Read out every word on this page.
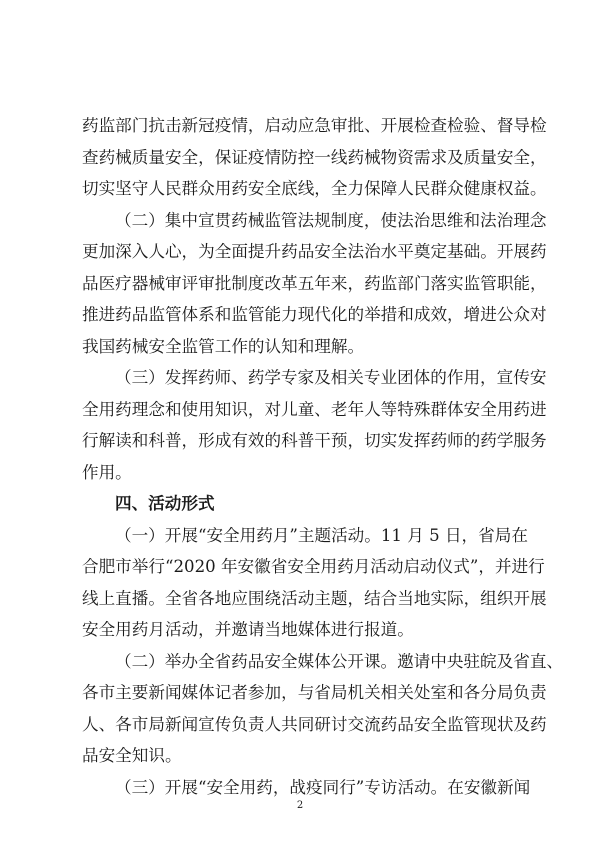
药监部门抗击新冠疫情，启动应急审批、开展检查检验、督导检
查药械质量安全，保证疫情防控一线药械物资需求及质量安全，
切实坚守人民群众用药安全底线，全力保障人民群众健康权益。
（二）集中宣贯药械监管法规制度，使法治思维和法治理念
更加深入人心，为全面提升药品安全法治水平奠定基础。开展药
品医疗器械审评审批制度改革五年来，药监部门落实监管职能，
推进药品监管体系和监管能力现代化的举措和成效，增进公众对
我国药械安全监管工作的认知和理解。
（三）发挥药师、药学专家及相关专业团体的作用，宣传安
全用药理念和使用知识，对儿童、老年人等特殊群体安全用药进
行解读和科普，形成有效的科普干预，切实发挥药师的药学服务
作用。
四、活动形式
（一）开展“安全用药月”主题活动。11 月 5 日，省局在
合肥市举行“2020 年安徽省安全用药月活动启动仪式”，并进行
线上直播。全省各地应围绕活动主题，结合当地实际，组织开展
安全用药月活动，并邀请当地媒体进行报道。
（二）举办全省药品安全媒体公开课。邀请中央驻皖及省直、
各市主要新闻媒体记者参加，与省局机关相关处室和各分局负责
人、各市局新闻宣传负责人共同研讨交流药品安全监管现状及药
2
品安全知识。
（三）开展“安全用药，战疫同行”专访活动。在安徽新闻
